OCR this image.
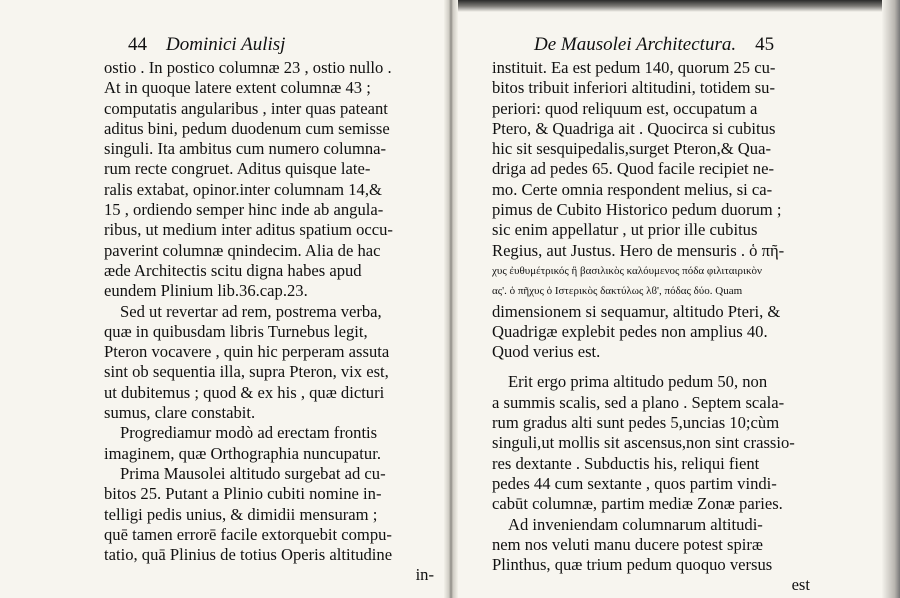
44 Dominici Aulisj
ostio . In postico columnæ 23 , ostio nullo .
At in quoque latere extent columnæ 43 ;
computatis angularibus , inter quas pateant
aditus bini, pedum duodenum cum semisse
singuli. Ita ambitus cum numero columna-
rum recte congruet. Aditus quisque late-
ralis extabat, opinor.inter columnam 14,&
15 , ordiendo semper hinc inde ab angula-
ribus, ut medium inter aditus spatium occu-
paverint columnæ qnindecim. Alia de hac
æde Architectis scitu digna habes apud
eundem Plinium lib.36.cap.23.
Sed ut revertar ad rem, postrema verba,
quæ in quibusdam libris Turnebus legit,
Pteron vocavere , quin hic perperam assuta
sint ob sequentia illa, supra Pteron, vix est,
ut dubitemus ; quod & ex his , quæ dicturi
sumus, clare constabit.
Progrediamur modò ad erectam frontis
imaginem, quæ Orthographia nuncupatur.
Prima Mausolei altitudo surgebat ad cu-
bitos 25. Putant a Plinio cubiti nomine in-
telligi pedis unius, & dimidii mensuram ;
quē tamen errorē facile extorquebit compu-
tatio, quā Plinius de totius Operis altitudine
in-
De Mausolei Architectura. 45
instituit. Ea est pedum 140, quorum 25 cu-
bitos tribuit inferiori altitudini, totidem su-
periori: quod reliquum est, occupatum a
Ptero, & Quadriga ait . Quocirca si cubitus
hic sit sesquipedalis,surget Pteron,& Qua-
driga ad pedes 65. Quod facile recipiet ne-
mo. Certe omnia respondent melius, si ca-
pimus de Cubito Historico pedum duorum ;
sic enim appellatur , ut prior ille cubitus
Regius, aut Justus. Hero de mensuris . ὁ πῆ-
χυς ἐυθυμέτρικός ἢ βασιλικὸς καλόυμενος πόδα φιλιταιρικὸν
ας'. ὁ πῆχυς ὁ Ιστερικὸς δακτύλως λϐ', πόδας δύο. Quam
dimensionem si sequamur, altitudo Pteri, &
Quadrigæ explebit pedes non amplius 40.
Quod verius est.
Erit ergo prima altitudo pedum 50, non
a summis scalis, sed a plano . Septem scala-
rum gradus alti sunt pedes 5,uncias 10;cùm
singuli,ut mollis sit ascensus,non sint crassio-
res dextante . Subductis his, reliqui fient
pedes 44 cum sextante , quos partim vindi-
cabūt columnæ, partim mediæ Zonæ paries.
Ad inveniendam columnarum altitudi-
nem nos veluti manu ducere potest spiræ
Plinthus, quæ trium pedum quoquo versus
est
